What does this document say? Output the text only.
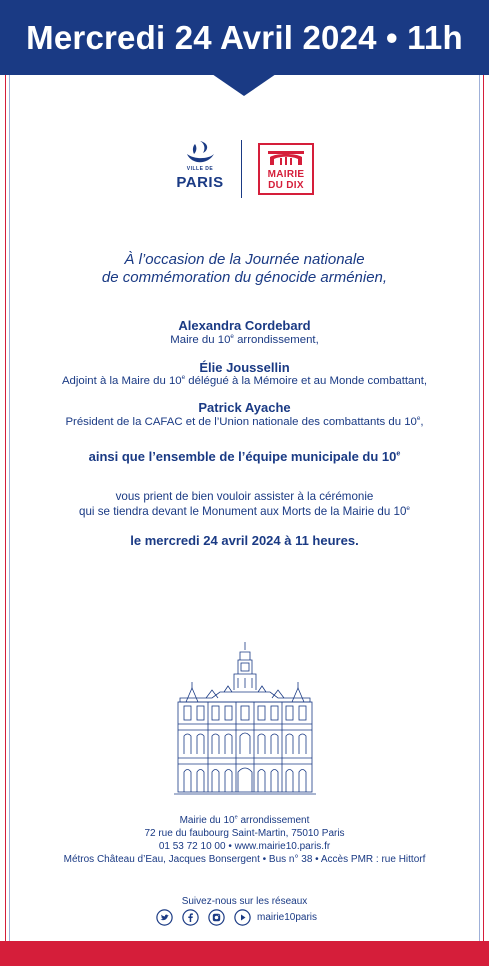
Mercredi 24 Avril 2024 • 11h
VILLE DE
PARIS	MAIRIE
DU DIX
À l’occasion de la Journée nationale
de commémoration du génocide arménien,
Alexandra Cordebard
Maire du 10e arrondissement,
Élie Joussellin
Adjoint à la Maire du 10e délégué à la Mémoire et au Monde combattant,
Patrick Ayache
Président de la CAFAC et de l’Union nationale des combattants du 10e,
ainsi que l’ensemble de l’équipe municipale du 10e
vous prient de bien vouloir assister à la cérémonie
qui se tiendra devant le Monument aux Morts de la Mairie du 10e
le mercredi 24 avril 2024 à 11 heures.
Mairie du 10e arrondissement
72 rue du faubourg Saint-Martin, 75010 Paris
01 53 72 10 00 • www.mairie10.paris.fr
Métros Château d’Eau, Jacques Bonsergent • Bus n° 38 • Accès PMR : rue Hittorf
Suivez-nous sur les réseaux
mairie10paris
